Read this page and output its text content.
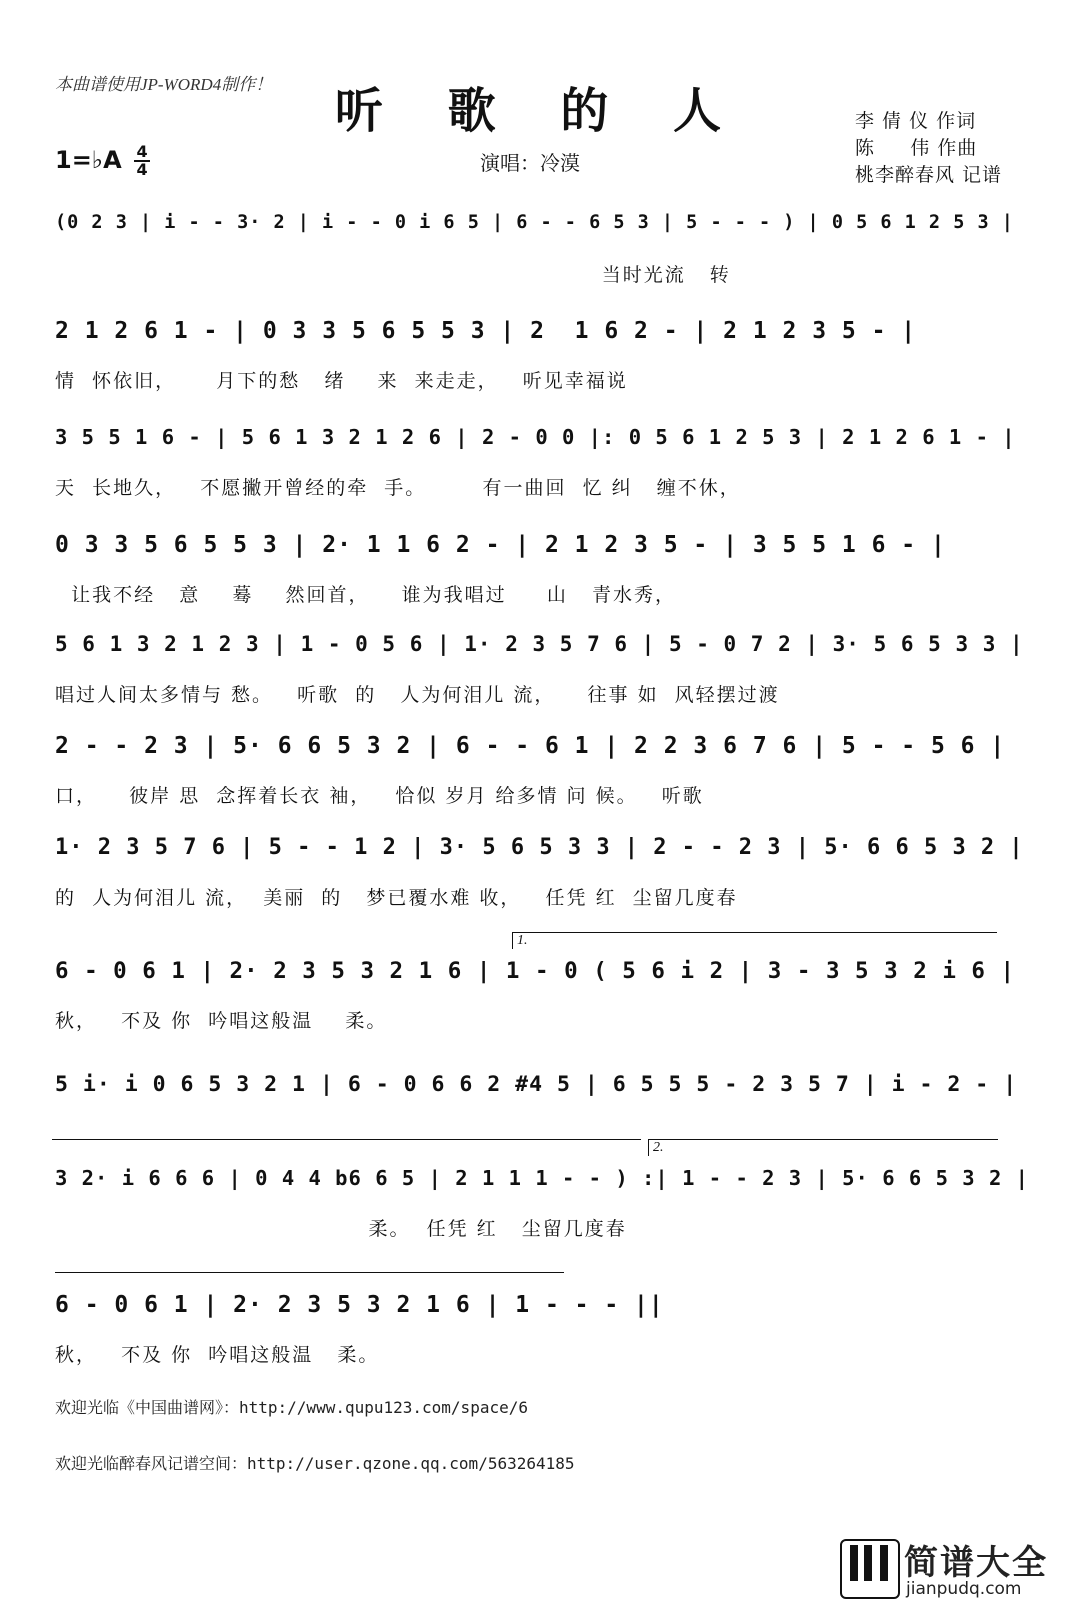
本曲谱使用JP-WORD4制作！	听 歌 的 人
1=♭A $\frac{4}{4}$	演唱：冷漠
李 倩 仪 作词
陈     伟 作曲
桃李醉春风 记谱
(0 2 3 | i - - 3· 2 | i - - 0 i 6 5 | 6 - - 6 5 3 | 5 - - - ) | 0 5 6 1 2 5 3 |
当时光流   转
2 1 2 6 1 - | 0 3 3 5 6 5 5 3 | 2  1 6 2 - | 2 1 2 3 5 - |
情  怀依旧，     月下的愁   绪    来  来走走，   听见幸福说
3 5 5 1 6 - | 5 6 1 3 2 1 2 6 | 2 - 0 0 |: 0 5 6 1 2 5 3 | 2 1 2 6 1 - |
天  长地久，   不愿撇开曾经的牵  手。       有一曲回  忆 纠   缠不休，
0 3 3 5 6 5 5 3 | 2· 1 1 6 2 - | 2 1 2 3 5 - | 3 5 5 1 6 - |
让我不经   意    蓦    然回首，    谁为我唱过     山   青水秀，
5 6 1 3 2 1 2 3 | 1 - 0 5 6 | 1· 2 3 5 7 6 | 5 - 0 7 2 | 3· 5 6 5 3 3 |
唱过人间太多情与 愁。   听歌  的   人为何泪儿 流，    往事 如  风轻摆过渡
2 - - 2 3 | 5· 6 6 5 3 2 | 6 - - 6 1 | 2 2 3 6 7 6 | 5 - - 5 6 |
口，    彼岸 思  念挥着长衣 袖，   恰似 岁月 给多情 问 候。   听歌
1· 2 3 5 7 6 | 5 - - 1 2 | 3· 5 6 5 3 3 | 2 - - 2 3 | 5· 6 6 5 3 2 |
的  人为何泪儿 流，  美丽  的   梦已覆水难 收，   任凭 红  尘留几度春
6 - 0 6 1 | 2· 2 3 5 3 2 1 6 | 1 - 0 ( 5 6 i 2 | 3 - 3 5 3 2 i 6 |
秋，   不及 你  吟唱这般温    柔。
5 i· i 0 6 5 3 2 1 | 6 - 0 6 6 2 #4 5 | 6 5 5 5 - 2 3 5 7 | i - 2 - |
3 2· i 6 6 6 | 0 4 4 b6 6 5 | 2 1 1 1 - - ) :| 1 - - 2 3 | 5· 6 6 5 3 2 |
柔。  任凭 红   尘留几度春
6 - 0 6 1 | 2· 2 3 5 3 2 1 6 | 1 - - - ||
秋，   不及 你  吟唱这般温   柔。
1.
2.
欢迎光临《中国曲谱网》：http://www.qupu123.com/space/6
欢迎光临醉春风记谱空间：http://user.qzone.qq.com/563264185
简谱大全
jianpudq.com
